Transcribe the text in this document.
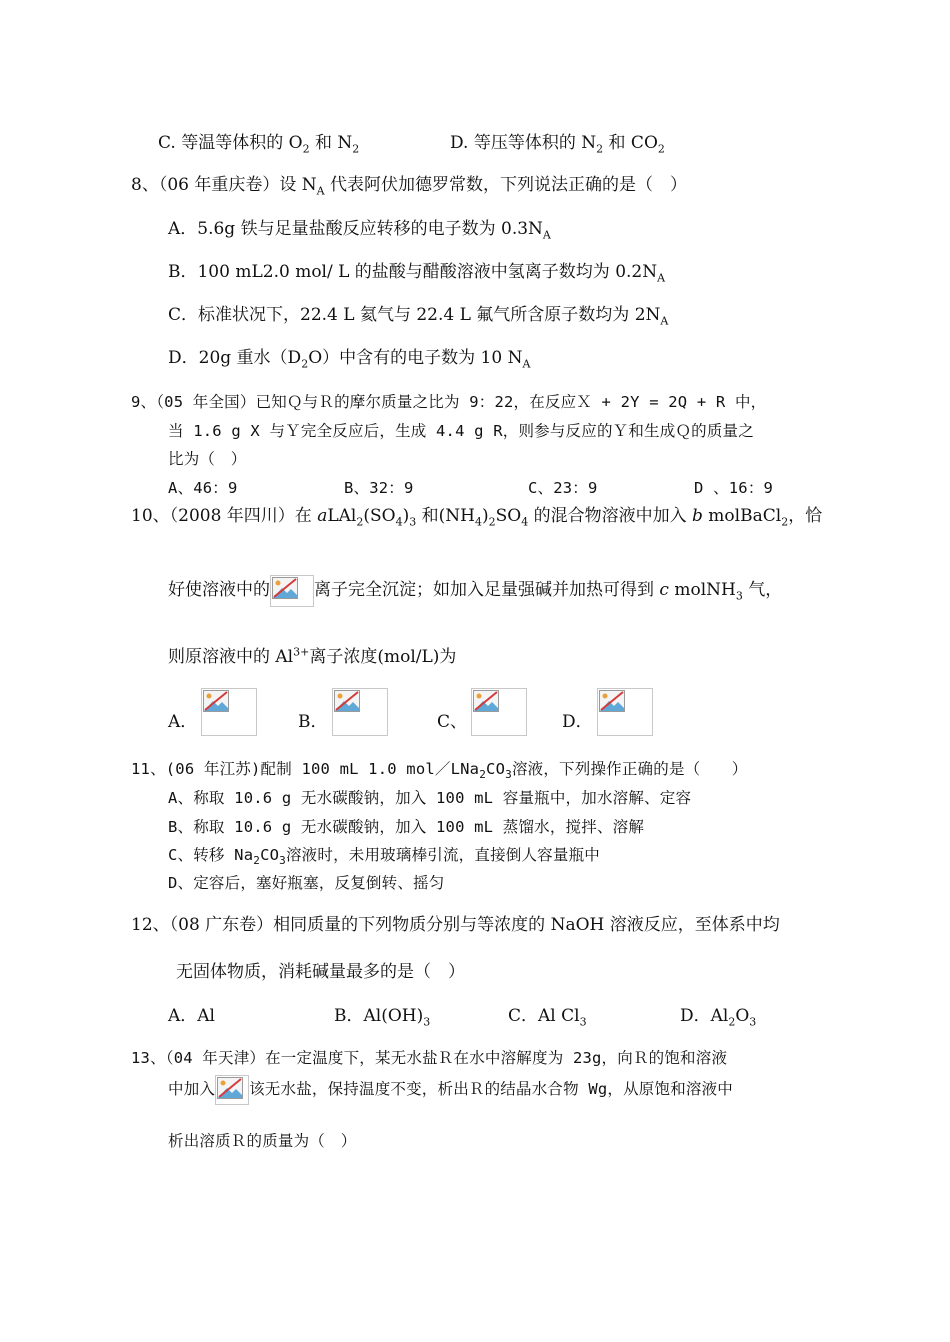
C. 等温等体积的 $O_2$ 和 $N_2$	D. 等压等体积的 $N_2$ 和 $CO_2$
8、（06 年重庆卷）设 $N_A$ 代表阿伏加德罗常数，下列说法正确的是（　）
A．5.6g 铁与足量盐酸反应转移的电子数为 $0.3N_A$
B．100 mL2.0 mol/ L 的盐酸与醋酸溶液中氢离子数均为 $0.2N_A$
C．标准状况下，22.4 L 氦气与 22.4 L 氟气所含原子数均为 $2N_A$
D．20g 重水$(D_2O)$中含有的电子数为 10 $N_A$
9、（05 年全国）已知Ｑ与Ｒ的摩尔质量之比为 9：22，在反应Ｘ + 2Y = 2Q + R 中，
当 1.6 g X 与Ｙ完全反应后，生成 4.4 g R，则参与反应的Ｙ和生成Ｑ的质量之
比为（　）
A、46：9	B、32：9	C、23：9	D 、16：9
10、（2008 年四川）在 $aLAl_2(SO_4)_3$ 和$(NH_4)_2SO_4$ 的混合物溶液中加入 b molBaCl$_2$，恰
好使溶液中的	离子完全沉淀；如加入足量强碱并加热可得到 c molNH$_3$ 气，
则原溶液中的 $Al^{3+}$离子浓度(mol/L)为
A．	B．	C、	D．
11、(06 年江苏)配制 100 mL 1.0 $mol/LNa_2CO_3$溶液，下列操作正确的是（　　）
A、称取 10.6 g 无水碳酸钠，加入 100 mL 容量瓶中，加水溶解、定容
B、称取 10.6 g 无水碳酸钠，加入 100 mL 蒸馏水，搅拌、溶解
C、转移 $Na_2CO_3$溶液时，未用玻璃棒引流，直接倒人容量瓶中
D、定容后，塞好瓶塞，反复倒转、摇匀
12、（08 广东卷）相同质量的下列物质分别与等浓度的 NaOH 溶液反应，至体系中均
无固体物质，消耗碱量最多的是（　）
A．Al	B．$Al(OH)_3$	C．Al $Cl_3$	D．$Al_2O_3$
13、（04 年天津）在一定温度下，某无水盐Ｒ在水中溶解度为 23g，向Ｒ的饱和溶液
中加入 该无水盐，保持温度不变，析出Ｒ的结晶水合物 Wg，从原饱和溶液中
析出溶质Ｒ的质量为（　）
